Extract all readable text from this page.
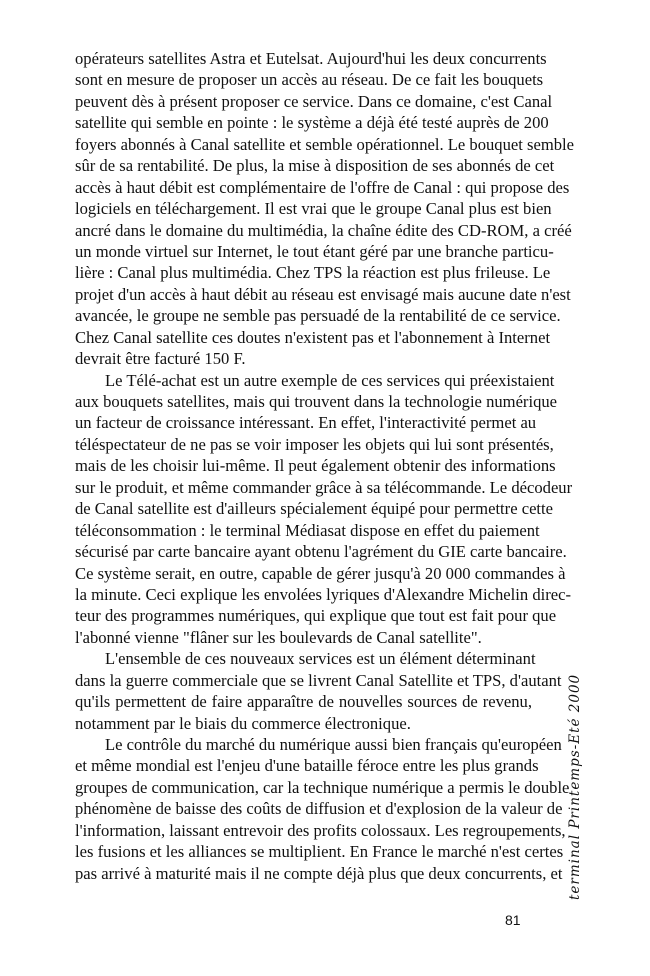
opérateurs satellites Astra et Eutelsat. Aujourd'hui les deux concurrents
sont en mesure de proposer un accès au réseau. De ce fait les bouquets
peuvent dès à présent proposer ce service. Dans ce domaine, c'est Canal
satellite qui semble en pointe : le système a déjà été testé auprès de 200
foyers abonnés à Canal satellite et semble opérationnel. Le bouquet semble
sûr de sa rentabilité. De plus, la mise à disposition de ses abonnés de cet
accès à haut débit est complémentaire de l'offre de Canal : qui propose des
logiciels en téléchargement. Il est vrai que le groupe Canal plus est bien
ancré dans le domaine du multimédia, la chaîne édite des CD-ROM, a créé
un monde virtuel sur Internet, le tout étant géré par une branche particu-
lière : Canal plus multimédia. Chez TPS la réaction est plus frileuse. Le
projet d'un accès à haut débit au réseau est envisagé mais aucune date n'est
avancée, le groupe ne semble pas persuadé de la rentabilité de ce service.
Chez Canal satellite ces doutes n'existent pas et l'abonnement à Internet
devrait être facturé 150 F.
Le Télé-achat est un autre exemple de ces services qui préexistaient
aux bouquets satellites, mais qui trouvent dans la technologie numérique
un facteur de croissance intéressant. En effet, l'interactivité permet au
téléspectateur de ne pas se voir imposer les objets qui lui sont présentés,
mais de les choisir lui-même. Il peut également obtenir des informations
sur le produit, et même commander grâce à sa télécommande. Le décodeur
de Canal satellite est d'ailleurs spécialement équipé pour permettre cette
téléconsommation : le terminal Médiasat dispose en effet du paiement
sécurisé par carte bancaire ayant obtenu l'agrément du GIE carte bancaire.
Ce système serait, en outre, capable de gérer jusqu'à 20 000 commandes à
la minute. Ceci explique les envolées lyriques d'Alexandre Michelin direc-
teur des programmes numériques, qui explique que tout est fait pour que
l'abonné vienne "flâner sur les boulevards de Canal satellite".
L'ensemble de ces nouveaux services est un élément déterminant
dans la guerre commerciale que se livrent Canal Satellite et TPS, d'autant
qu'ils permettent de faire apparaître de nouvelles sources de revenu,
notamment par le biais du commerce électronique.
Le contrôle du marché du numérique aussi bien français qu'européen
et même mondial est l'enjeu d'une bataille féroce entre les plus grands
groupes de communication, car la technique numérique a permis le double
phénomène de baisse des coûts de diffusion et d'explosion de la valeur de
l'information, laissant entrevoir des profits colossaux. Les regroupements,
les fusions et les alliances se multiplient. En France le marché n'est certes
pas arrivé à maturité mais il ne compte déjà plus que deux concurrents, et
81
terminal Printemps-Eté 2000
